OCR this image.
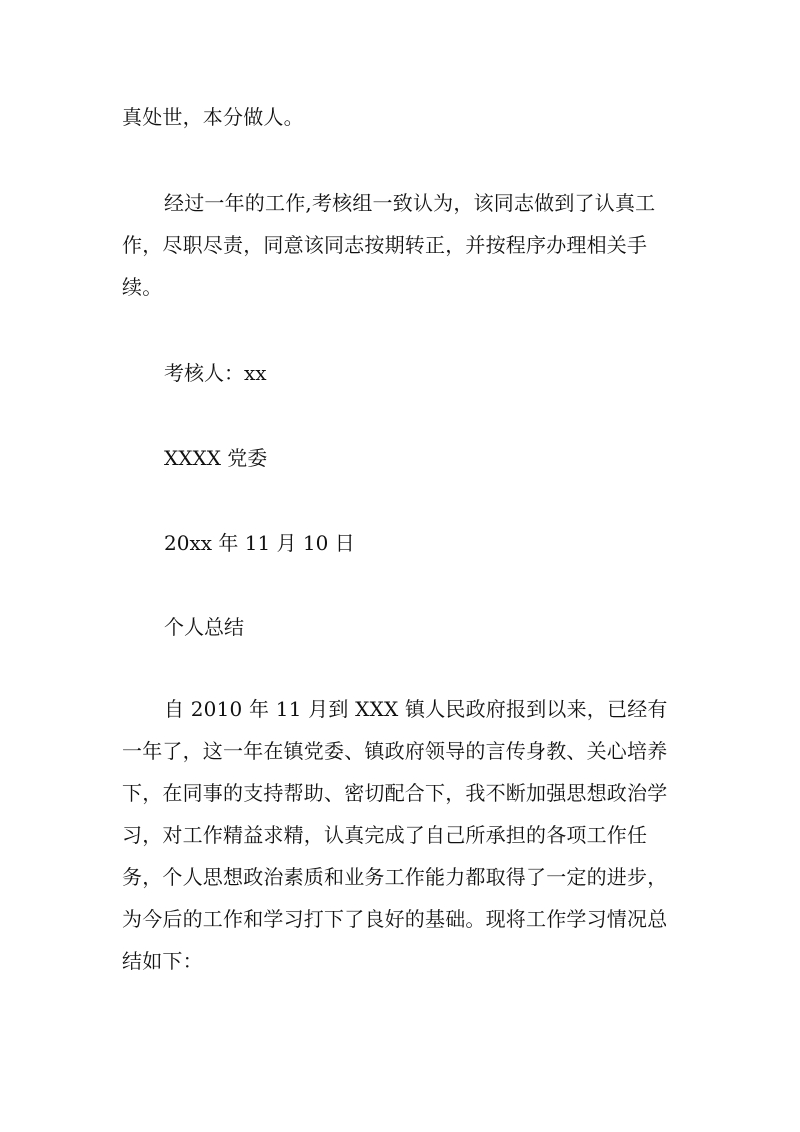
真处世，本分做人。
经过一年的工作,考核组一致认为，该同志做到了认真工作，尽职尽责，同意该同志按期转正，并按程序办理相关手续。
考核人：xx
XXXX 党委
20xx 年 11 月 10 日
个人总结
自 2010 年 11 月到 XXX 镇人民政府报到以来，已经有一年了，这一年在镇党委、镇政府领导的言传身教、关心培养下，在同事的支持帮助、密切配合下，我不断加强思想政治学习，对工作精益求精，认真完成了自己所承担的各项工作任务，个人思想政治素质和业务工作能力都取得了一定的进步，为今后的工作和学习打下了良好的基础。现将工作学习情况总结如下：
